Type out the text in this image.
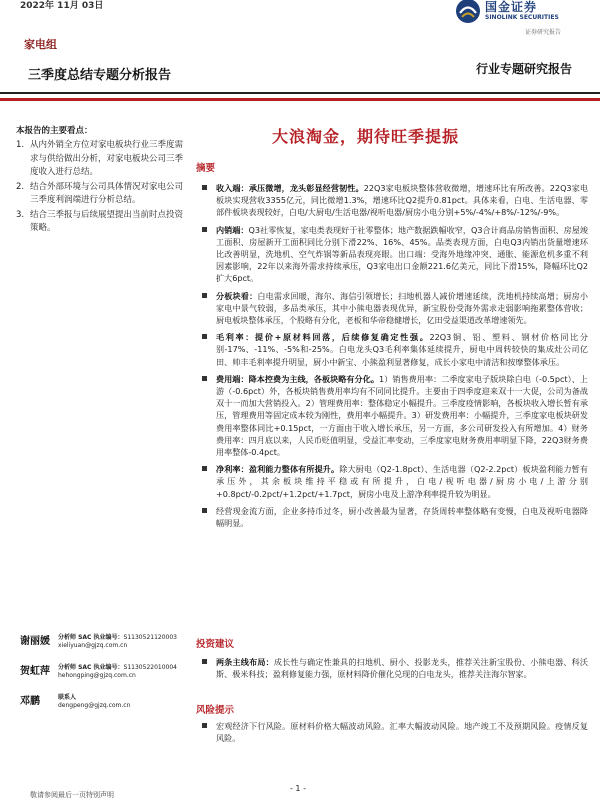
2022年 11月 03日	国金证券
SINOLINK SECURITIES
证券研究报告
家电组
三季度总结专题分析报告	行业专题研究报告
本报告的主要看点：
1. 从内外销全方位对家电板块行业三季度需求与供给做出分析，对家电板块公司三季度收入进行总结。
2. 结合外部环境与公司具体情况对家电公司三季度利润端进行分析总结。
3. 结合三季报与后续展望提出当前时点投资策略。
谢丽媛 分析师 SAC 执业编号：S1130521120003
xieliyuan@gjzq.com.cn
贺虹萍 分析师 SAC 执业编号：S1130522010004
hehongping@gjzq.com.cn
邓鹏	联系人
dengpeng@gjzq.com.cn
大浪淘金，期待旺季提振
摘要
收入端：承压微增，龙头彰显经营韧性。22Q3家电板块整体营收微增，增速环比有所改善。22Q3家电板块实现营收3355亿元，同比微增1.3%，增速环比Q2提升0.81pct。具体来看，白电、生活电器、零部件板块表现较好，白电/大厨电/生活电器/视听电器/厨房小电分别+5%/-4%/+8%/-12%/-9%。
内销端：Q3社零恢复，家电类表现好于社零整体；地产数据跌幅收窄，Q3合计商品房销售面积、房屋竣工面积、房屋新开工面积同比分别下滑22%、16%、45%。品类表现方面，白电Q3内销出货量增速环比改善明显，洗地机、空气炸锅等新品表现亮眼。出口端：受海外地缘冲突、通胀、能源危机多重不利因素影响，22年以来海外需求持续承压，Q3家电出口金额221.6亿美元，同比下滑15%，降幅环比Q2扩大6pct。
分板块看：白电需求回暖，海尔、海信引领增长；扫地机器人减价增速延续，洗地机持续高增；厨房小家电中景气较弱，多品类承压，其中小熊电器表现优异，新宝股份受海外需求走弱影响拖累整体营收；厨电板块整体承压，个股略有分化，老板和华帝稳健增长，亿田受益渠道改革增速领先。
毛利率：提价+原材料回落，后续修复确定性强。22Q3铜、铝、塑料、钢材价格同比分别-17%、-11%、-5%和-25%。白电龙头Q3毛利率集体延续提升，厨电中周转较快的集成灶公司亿田、帅丰毛利率提升明显，厨小中新宝、小熊盈利显著修复，成长小家电中清洁和按摩整体承压。
费用端：降本控费为主线，各板块略有分化。1）销售费用率：二季度家电子版块除白电（-0.5pct）、上游（-0.6pct）外，各板块销售费用率均有不同同比提升。主要由于四季度迎来双十一大促，公司为备战双十一而加大营销投入。2）管理费用率：整体稳定小幅提升。三季度疫情影响，各板块收入增长暂有承压，管理费用等固定成本较为刚性，费用率小幅提升。3）研发费用率：小幅提升，三季度家电板块研发费用率整体同比+0.15pct，一方面由于收入增长承压，另一方面，多公司研发投入有所增加。4）财务费用率：四月底以来，人民币贬值明显，受益汇率变动，三季度家电财务费用率明显下降，22Q3财务费用率整体-0.4pct。
净利率：盈利能力整体有所提升。除大厨电（Q2-1.8pct）、生活电器（Q2-2.2pct）板块盈利能力暂有承压外，其余板块维持平稳或有所提升，白电/视听电器/厨房小电/上游分别+0.8pct/-0.2pct/+1.2pct/+1.7pct，厨房小电及上游净利率提升较为明显。
经营现金流方面，企业多持币过冬，厨小改善最为显著，存货周转率整体略有变慢，白电及视听电器降幅明显。
投资建议
两条主线布局：成长性与确定性兼具的扫地机、厨小、投影龙头，推荐关注新宝股份、小熊电器、科沃斯、极米科技；盈利修复能力强，原材料降价催化兑现的白电龙头，推荐关注海尔智家。
风险提示
宏观经济下行风险。原材料价格大幅波动风险。汇率大幅波动风险。地产竣工不及预期风险。疫情反复风险。
- 1 -
敬请参阅最后一页特别声明
